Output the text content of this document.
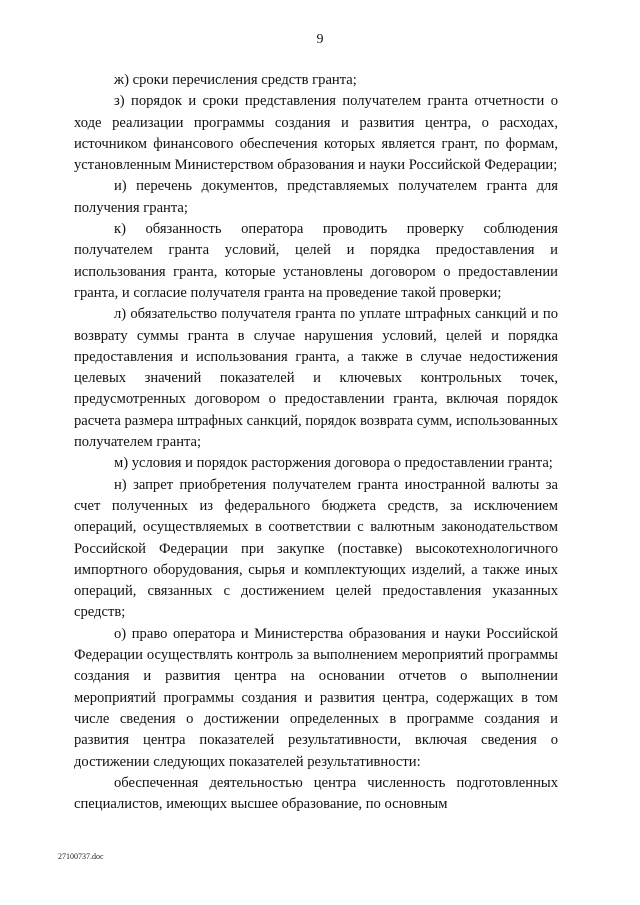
9

ж) сроки перечисления средств гранта;

з) порядок и сроки представления получателем гранта отчетности о ходе реализации программы создания и развития центра, о расходах, источником финансового обеспечения которых является грант, по формам, установленным Министерством образования и науки Российской Федерации;

и) перечень документов, представляемых получателем гранта для получения гранта;

к) обязанность оператора проводить проверку соблюдения получателем гранта условий, целей и порядка предоставления и использования гранта, которые установлены договором о предоставлении гранта, и согласие получателя гранта на проведение такой проверки;

л) обязательство получателя гранта по уплате штрафных санкций и по возврату суммы гранта в случае нарушения условий, целей и порядка предоставления и использования гранта, а также в случае недостижения целевых значений показателей и ключевых контрольных точек, предусмотренных договором о предоставлении гранта, включая порядок расчета размера штрафных санкций, порядок возврата сумм, использованных получателем гранта;

м) условия и порядок расторжения договора о предоставлении гранта;

н) запрет приобретения получателем гранта иностранной валюты за счет полученных из федерального бюджета средств, за исключением операций, осуществляемых в соответствии с валютным законодательством Российской Федерации при закупке (поставке) высокотехнологичного импортного оборудования, сырья и комплектующих изделий, а также иных операций, связанных с достижением целей предоставления указанных средств;

о) право оператора и Министерства образования и науки Российской Федерации осуществлять контроль за выполнением мероприятий программы создания и развития центра на основании отчетов о выполнении мероприятий программы создания и развития центра, содержащих в том числе сведения о достижении определенных в программе создания и развития центра показателей результативности, включая сведения о достижении следующих показателей результативности:

обеспеченная деятельностью центра численность подготовленных специалистов, имеющих высшее образование, по основным

27100737.doc
